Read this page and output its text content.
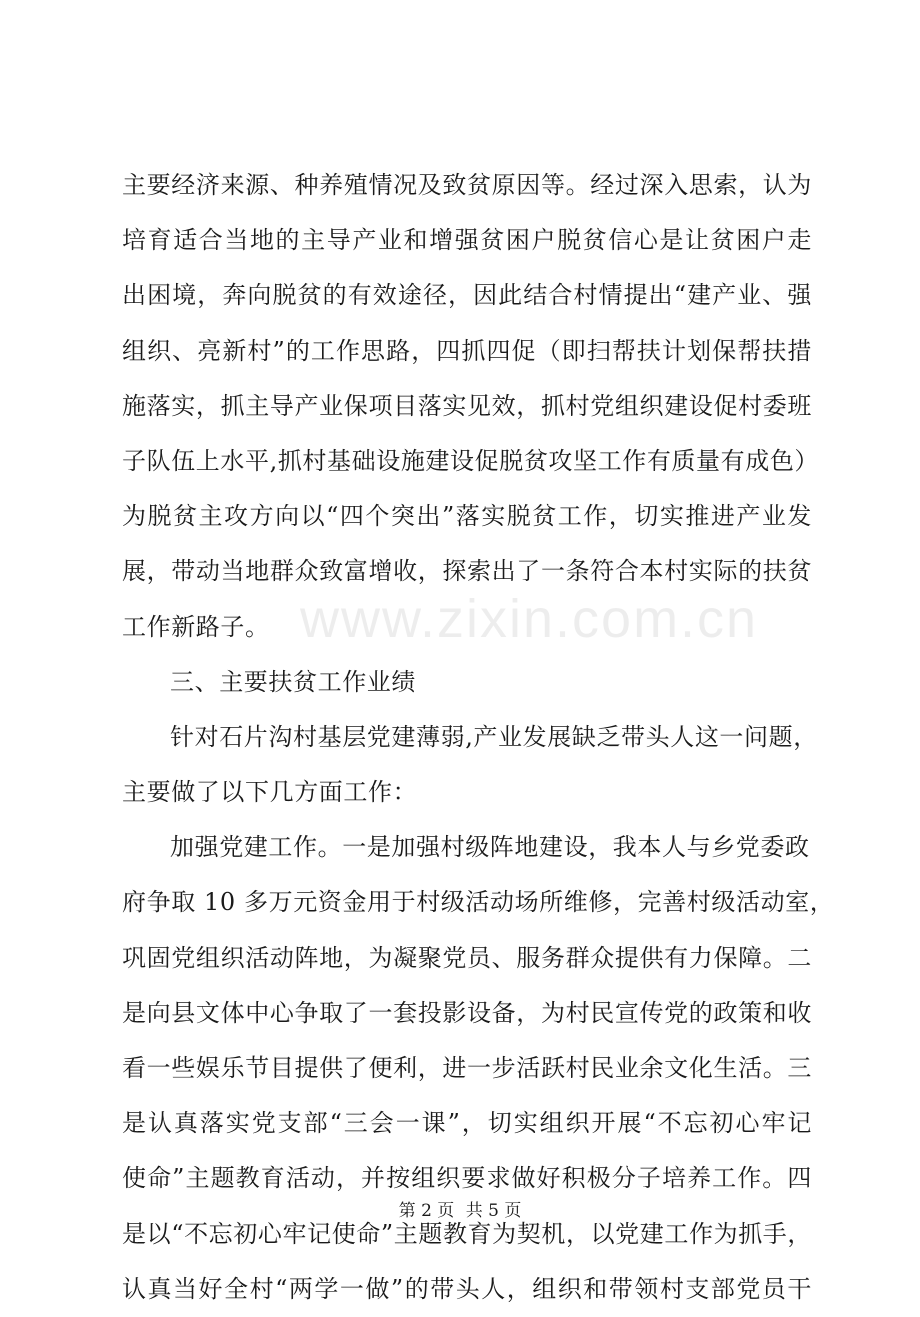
主要经济来源、种养殖情况及致贫原因等。经过深入思索，认为
培育适合当地的主导产业和增强贫困户脱贫信心是让贫困户走
出困境，奔向脱贫的有效途径，因此结合村情提出“建产业、强
组织、亮新村”的工作思路，四抓四促（即扫帮扶计划保帮扶措
施落实，抓主导产业保项目落实见效，抓村党组织建设促村委班
子队伍上水平,抓村基础设施建设促脱贫攻坚工作有质量有成色）
为脱贫主攻方向以“四个突出”落实脱贫工作，切实推进产业发
展，带动当地群众致富增收，探索出了一条符合本村实际的扶贫
工作新路子。
三、主要扶贫工作业绩
针对石片沟村基层党建薄弱,产业发展缺乏带头人这一问题，
主要做了以下几方面工作：
加强党建工作。一是加强村级阵地建设，我本人与乡党委政
府争取 10 多万元资金用于村级活动场所维修，完善村级活动室，
巩固党组织活动阵地，为凝聚党员、服务群众提供有力保障。二
是向县文体中心争取了一套投影设备，为村民宣传党的政策和收
看一些娱乐节目提供了便利，进一步活跃村民业余文化生活。三
是认真落实党支部“三会一课”，切实组织开展“不忘初心牢记
使命”主题教育活动，并按组织要求做好积极分子培养工作。四
是以“不忘初心牢记使命”主题教育为契机，以党建工作为抓手，
认真当好全村“两学一做”的带头人，组织和带领村支部党员干
www.zixin.com.cn
第 2 页 共 5 页
